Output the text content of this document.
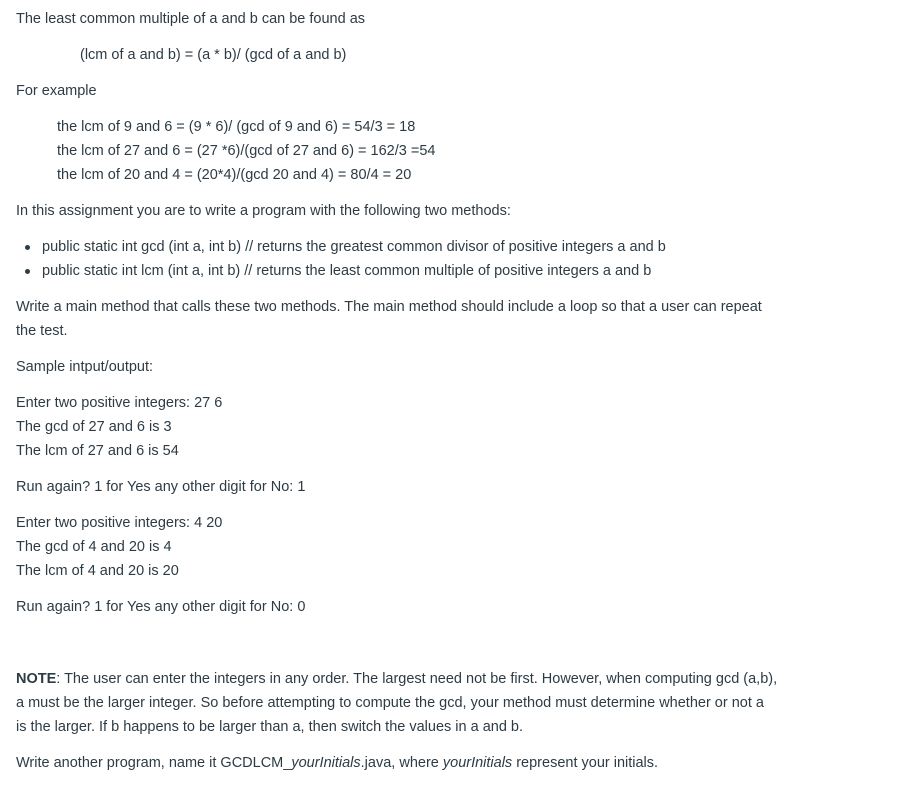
The least common multiple of a and b can be found as
(lcm of a and b) = (a * b)/ (gcd of a and b)
For example
the lcm of 9 and 6 = (9 * 6)/ (gcd of 9 and 6) = 54/3 = 18
the lcm of 27 and 6 = (27 *6)/(gcd of 27 and 6) = 162/3 =54
the lcm of 20 and 4 = (20*4)/(gcd 20 and 4) = 80/4 = 20
In this assignment you are to write a program with the following two methods:
public static int gcd (int a, int b) // returns the greatest common divisor of positive integers a and b
public static int lcm (int a, int b) // returns the least common multiple of positive integers a and b
Write a main method that calls these two methods. The main method should include a loop so that a user can repeat
the test.
Sample intput/output:
Enter two positive integers: 27 6
The gcd of 27 and 6 is 3
The lcm of 27 and 6 is 54
Run again? 1 for Yes any other digit for No: 1
Enter two positive integers: 4 20
The gcd of 4 and 20 is 4
The lcm of 4 and 20 is 20
Run again? 1 for Yes any other digit for No: 0
NOTE: The user can enter the integers in any order. The largest need not be first. However, when computing gcd (a,b),
a must be the larger integer. So before attempting to compute the gcd, your method must determine whether or not a
is the larger. If b happens to be larger than a, then switch the values in a and b.
Write another program, name it GCDLCM_yourInitials.java, where yourInitials represent your initials.
